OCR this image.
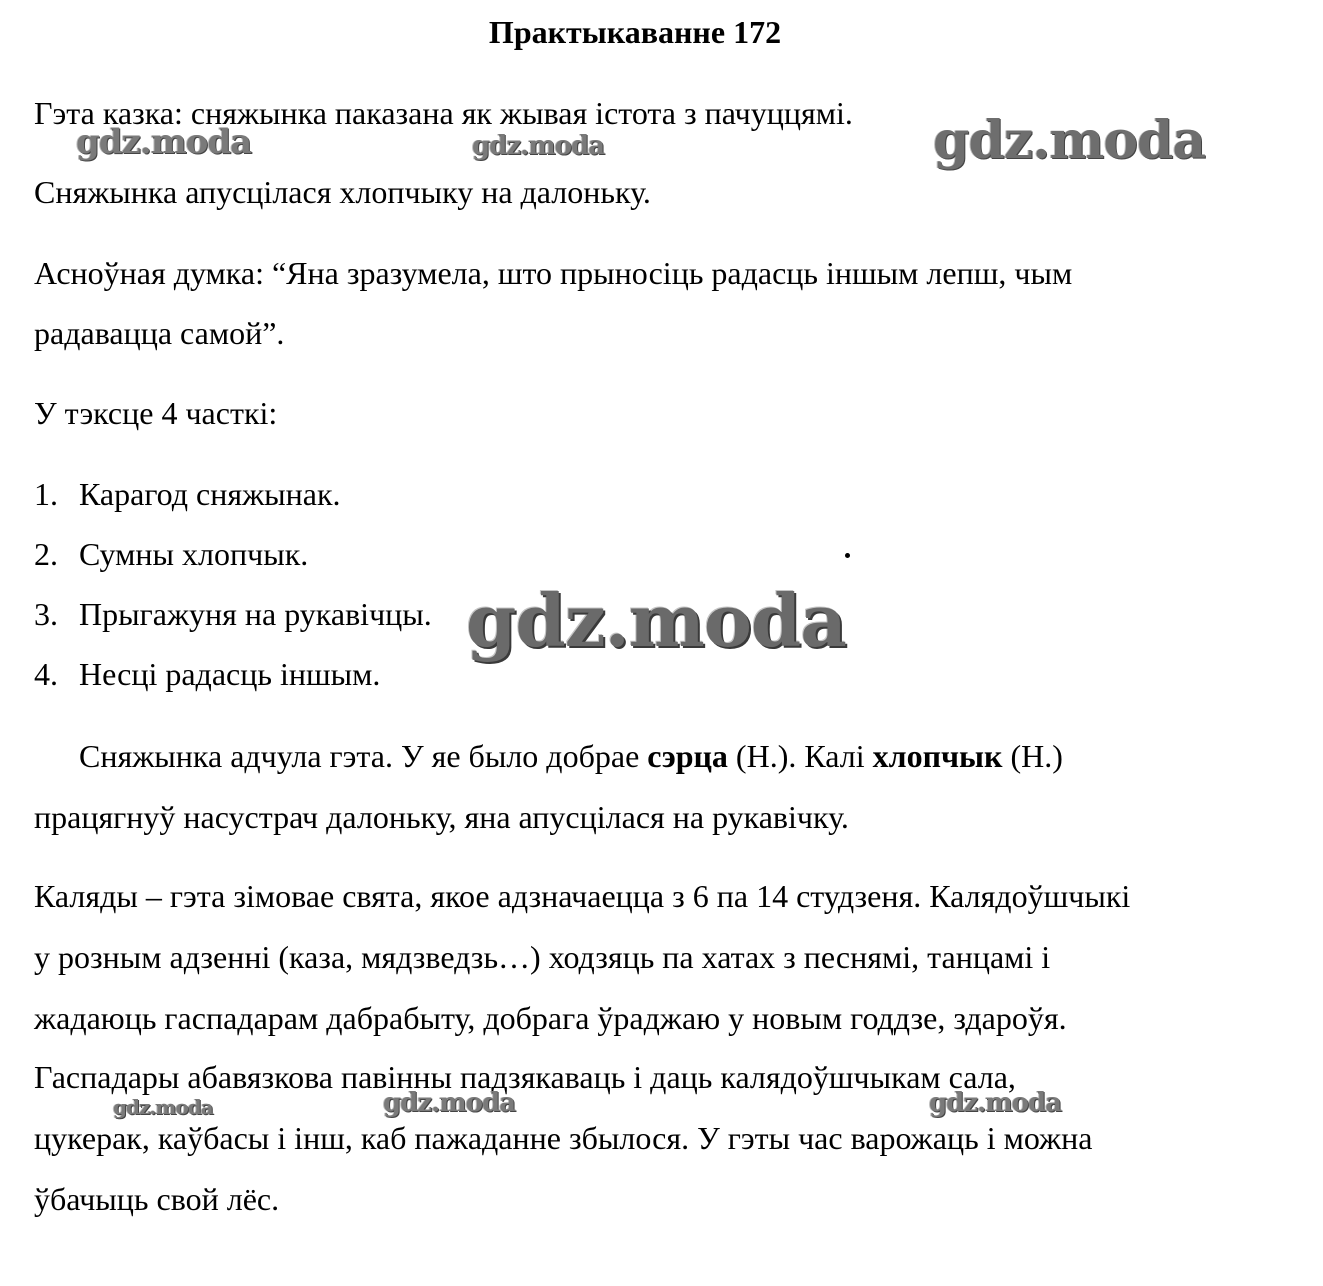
Практыкаванне 172
Гэта казка: сняжынка паказана як жывая істота з пачуццямі.
Сняжынка апусцілася хлопчыку на далоньку.
Асноўная думка: “Яна зразумела, што прыносіць радасць іншым лепш, чым
радавацца самой”.
У тэксце 4 часткі:
1. Карагод сняжынак.
2. Сумны хлопчык.
3. Прыгажуня на рукавічцы.
4. Несці радасць іншым.
Сняжынка адчула гэта. У яе было добрае сэрца (Н.). Калі хлопчык (Н.)
працягнуў насустрач далоньку, яна апусцілася на рукавічку.
Каляды – гэта зімовае свята, якое адзначаецца з 6 па 14 студзеня. Калядоўшчыкі
у розным адзенні (каза, мядзведзь…) ходзяць па хатах з песнямі, танцамі і
жадаюць гаспадарам дабрабыту, добрага ўраджаю у новым годдзе, здароўя.
Гаспадары абавязкова павінны падзякаваць і даць калядоўшчыкам сала,
цукерак, каўбасы і інш, каб пажаданне збылося. У гэты час варожаць і можна
ўбачыць свой лёс.
gdz.moda	gdz.moda	gdz.moda
gdz.moda
gdz.moda	gdz.moda	gdz.moda
